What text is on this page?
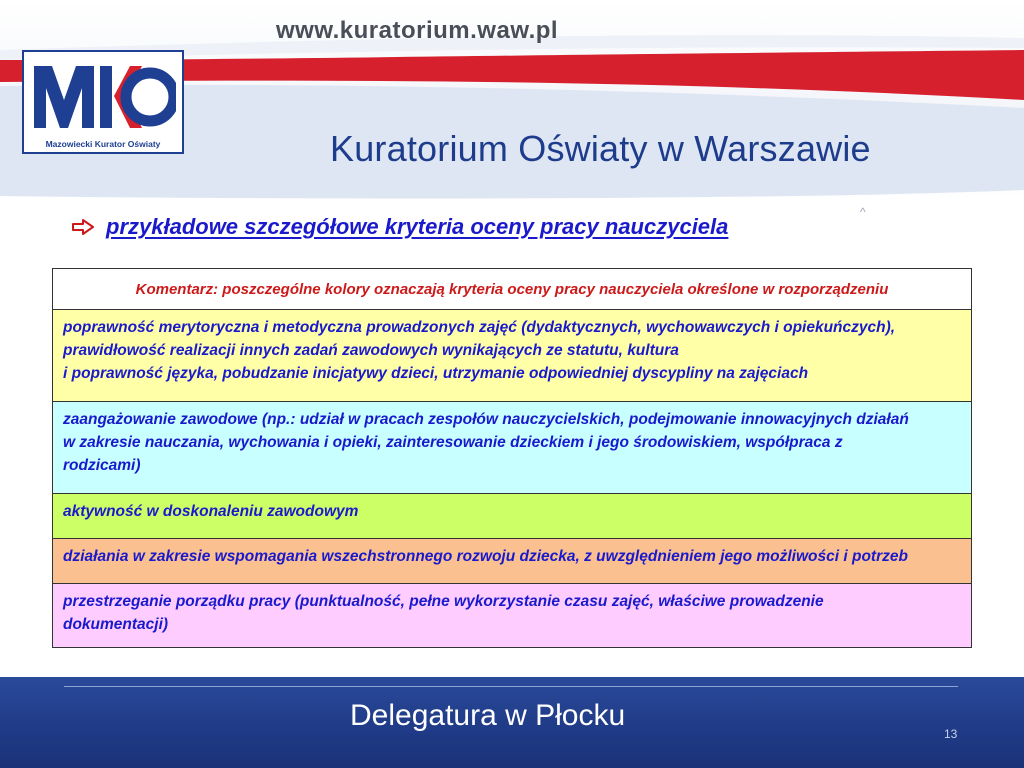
www.kuratorium.waw.pl
Mazowiecki Kurator Oświaty	Kuratorium Oświaty w Warszawie
^
przykładowe szczegółowe kryteria oceny pracy nauczyciela
Komentarz: poszczególne kolory oznaczają kryteria oceny pracy nauczyciela określone w rozporządzeniu
poprawność merytoryczna i metodyczna prowadzonych zajęć (dydaktycznych, wychowawczych i opiekuńczych),
prawidłowość realizacji innych zadań zawodowych wynikających ze statutu, kultura
i poprawność języka, pobudzanie inicjatywy dzieci, utrzymanie odpowiedniej dyscypliny na zajęciach
zaangażowanie zawodowe (np.: udział w pracach zespołów nauczycielskich, podejmowanie innowacyjnych działań
w zakresie nauczania, wychowania i opieki, zainteresowanie dzieckiem i jego środowiskiem, współpraca z
rodzicami)
aktywność w doskonaleniu zawodowym
działania w zakresie wspomagania wszechstronnego rozwoju dziecka, z uwzględnieniem jego możliwości i potrzeb
przestrzeganie porządku pracy (punktualność, pełne wykorzystanie czasu zajęć, właściwe prowadzenie
dokumentacji)
Delegatura w Płocku
13
